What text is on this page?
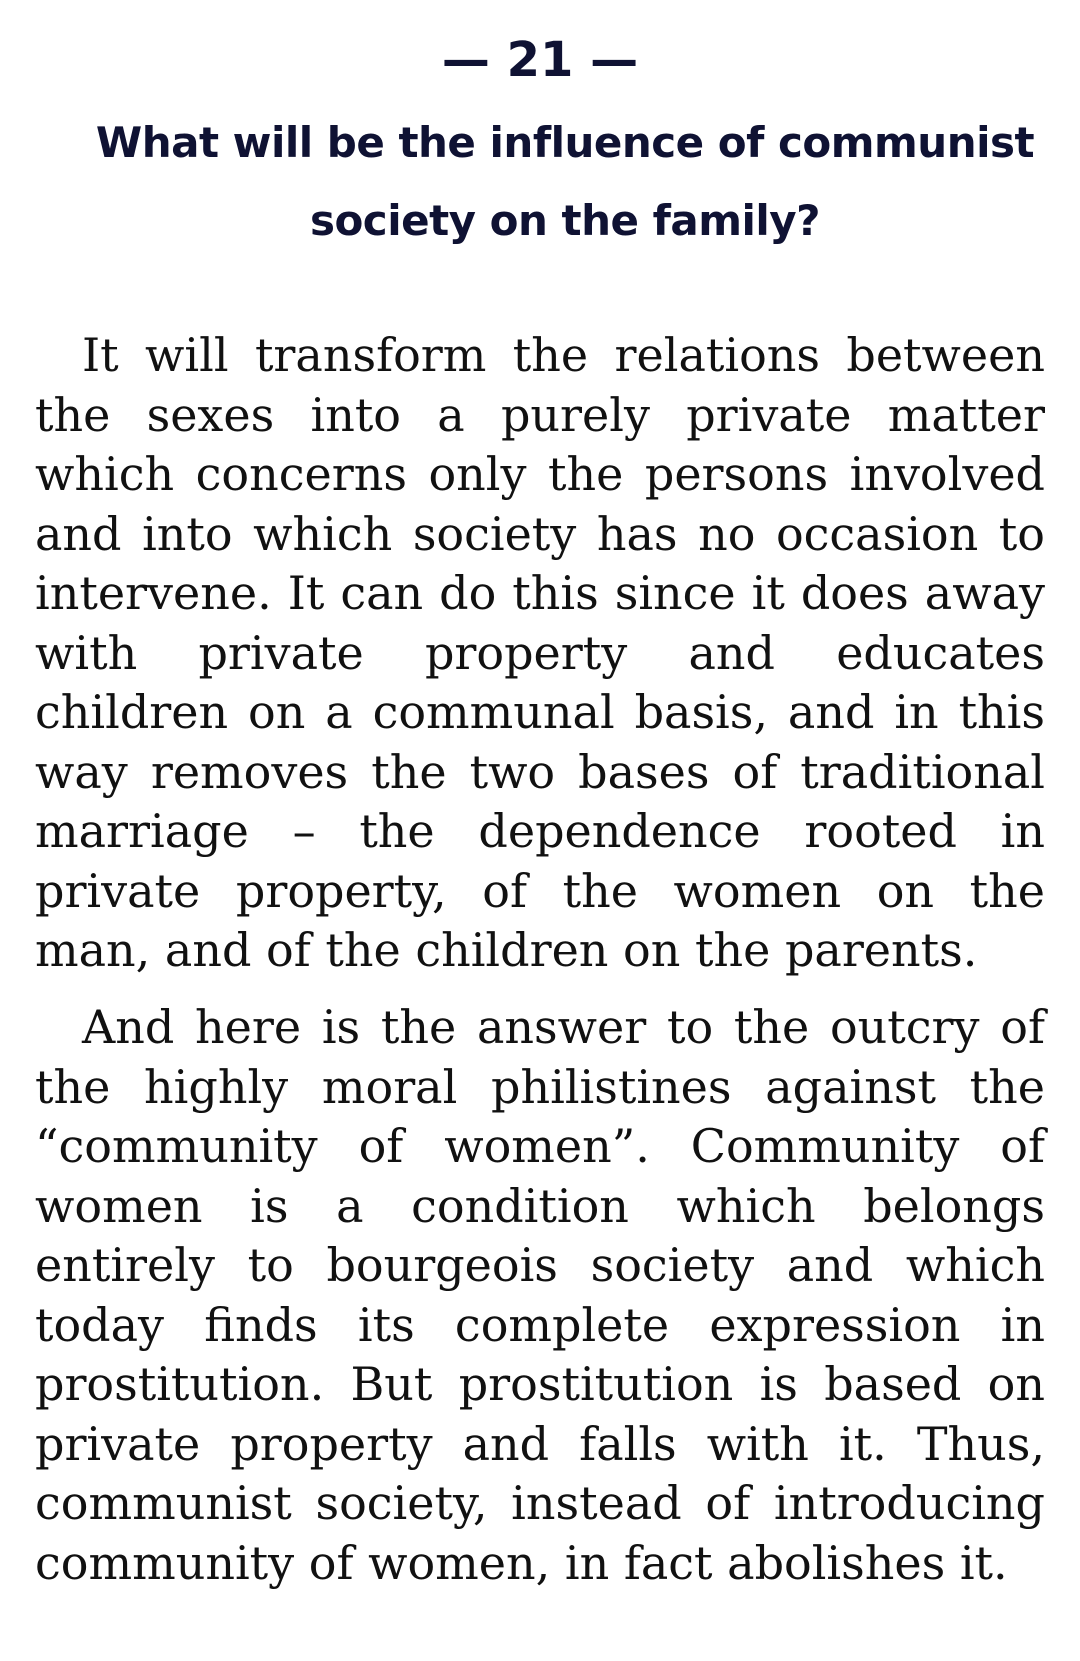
— 21 —
What will be the influence of communist society on the family?

It will transform the relations between the sexes into a purely private matter which concerns only the persons involved and into which society has no occasion to intervene. It can do this since it does away with private property and educates children on a communal basis, and in this way removes the two bases of traditional marriage – the dependence rooted in private property, of the women on the man, and of the children on the parents.

And here is the answer to the outcry of the highly moral philistines against the “community of women”. Community of women is a condition which belongs entirely to bourgeois society and which today finds its complete expression in prostitution. But prostitution is based on private property and falls with it. Thus, communist society, instead of introducing community of women, in fact abolishes it.
